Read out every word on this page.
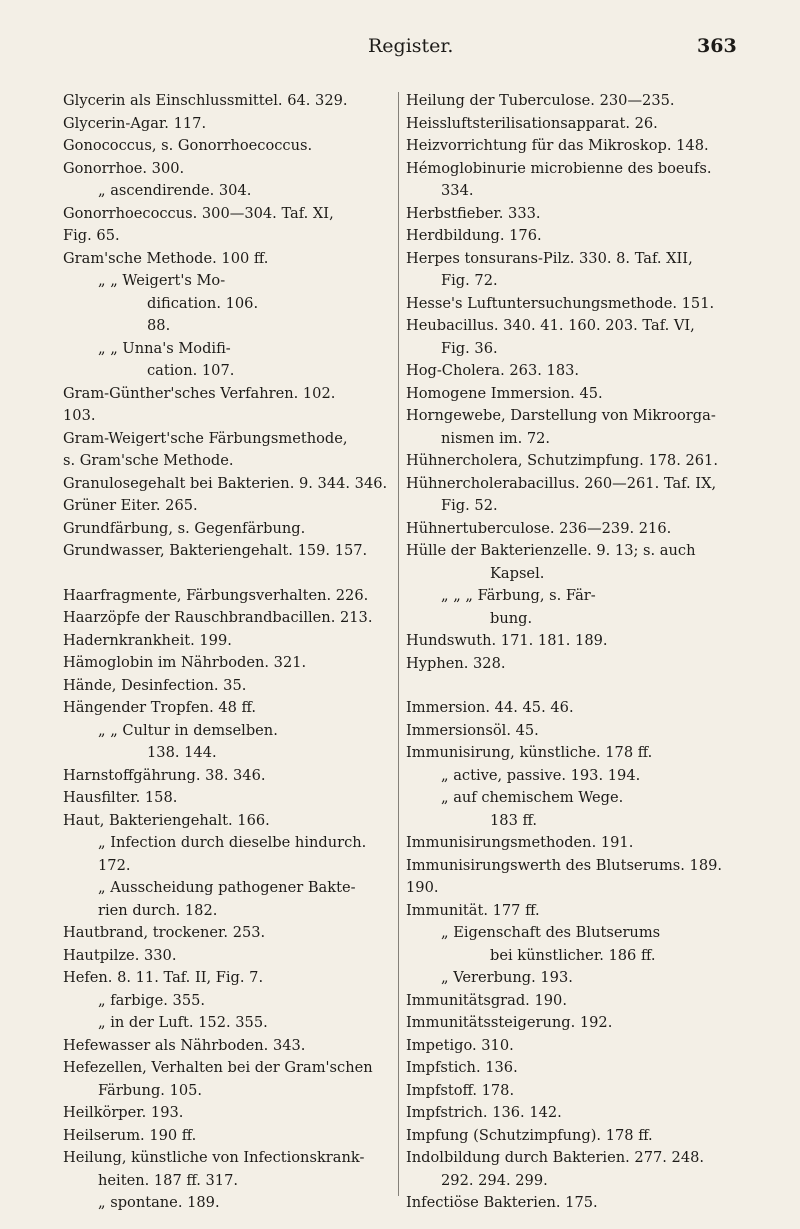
Register.	363

Glycerin als Einschlussmittel. 64. 329.

Glycerin-Agar. 117.

Gonococcus, s. Gonorrhoecoccus.

Gonorrhoe. 300.

„ ascendirende. 304.

Gonorrhoecoccus. 300—304. Taf. XI,

Fig. 65.

Gram'sche Methode. 100 ff.

„ „ Weigert's Mo-

dification. 106.

88.

„ „ Unna's Modifi-

cation. 107.

Gram-Günther'sches Verfahren. 102.

103.

Gram-Weigert'sche Färbungsmethode,

s. Gram'sche Methode.

Granulosegehalt bei Bakterien. 9. 344. 346.

Grüner Eiter. 265.

Grundfärbung, s. Gegenfärbung.

Grundwasser, Bakteriengehalt. 159. 157.

Haarfragmente, Färbungsverhalten. 226.

Haarzöpfe der Rauschbrandbacillen. 213.

Hadernkrankheit. 199.

Hämoglobin im Nährboden. 321.

Hände, Desinfection. 35.

Hängender Tropfen. 48 ff.

„ „ Cultur in demselben.

138. 144.

Harnstoffgährung. 38. 346.

Hausfilter. 158.

Haut, Bakteriengehalt. 166.

„ Infection durch dieselbe hindurch.

172.

„ Ausscheidung pathogener Bakte-

rien durch. 182.

Hautbrand, trockener. 253.

Hautpilze. 330.

Hefen. 8. 11. Taf. II, Fig. 7.

„ farbige. 355.

„ in der Luft. 152. 355.

Hefewasser als Nährboden. 343.

Hefezellen, Verhalten bei der Gram'schen

Färbung. 105.

Heilkörper. 193.

Heilserum. 190 ff.

Heilung, künstliche von Infectionskrank-

heiten. 187 ff. 317.

„ spontane. 189.

Heilung der Tuberculose. 230—235.

Heissluftsterilisationsapparat. 26.

Heizvorrichtung für das Mikroskop. 148.

Hémoglobinurie microbienne des boeufs.

334.

Herbstfieber. 333.

Herdbildung. 176.

Herpes tonsurans-Pilz. 330. 8. Taf. XII,

Fig. 72.

Hesse's Luftuntersuchungsmethode. 151.

Heubacillus. 340. 41. 160. 203. Taf. VI,

Fig. 36.

Hog-Cholera. 263. 183.

Homogene Immersion. 45.

Horngewebe, Darstellung von Mikroorga-

nismen im. 72.

Hühnercholera, Schutzimpfung. 178. 261.

Hühnercholerabacillus. 260—261. Taf. IX,

Fig. 52.

Hühnertuberculose. 236—239. 216.

Hülle der Bakterienzelle. 9. 13; s. auch

Kapsel.

„ „ „ Färbung, s. Fär-

bung.

Hundswuth. 171. 181. 189.

Hyphen. 328.

Immersion. 44. 45. 46.

Immersionsöl. 45.

Immunisirung, künstliche. 178 ff.

„ active, passive. 193. 194.

„ auf chemischem Wege.

183 ff.

Immunisirungsmethoden. 191.

Immunisirungswerth des Blutserums. 189.

190.

Immunität. 177 ff.

„ Eigenschaft des Blutserums

bei künstlicher. 186 ff.

„ Vererbung. 193.

Immunitätsgrad. 190.

Immunitätssteigerung. 192.

Impetigo. 310.

Impfstich. 136.

Impfstoff. 178.

Impfstrich. 136. 142.

Impfung (Schutzimpfung). 178 ff.

Indolbildung durch Bakterien. 277. 248.

292. 294. 299.

Infectiöse Bakterien. 175.
